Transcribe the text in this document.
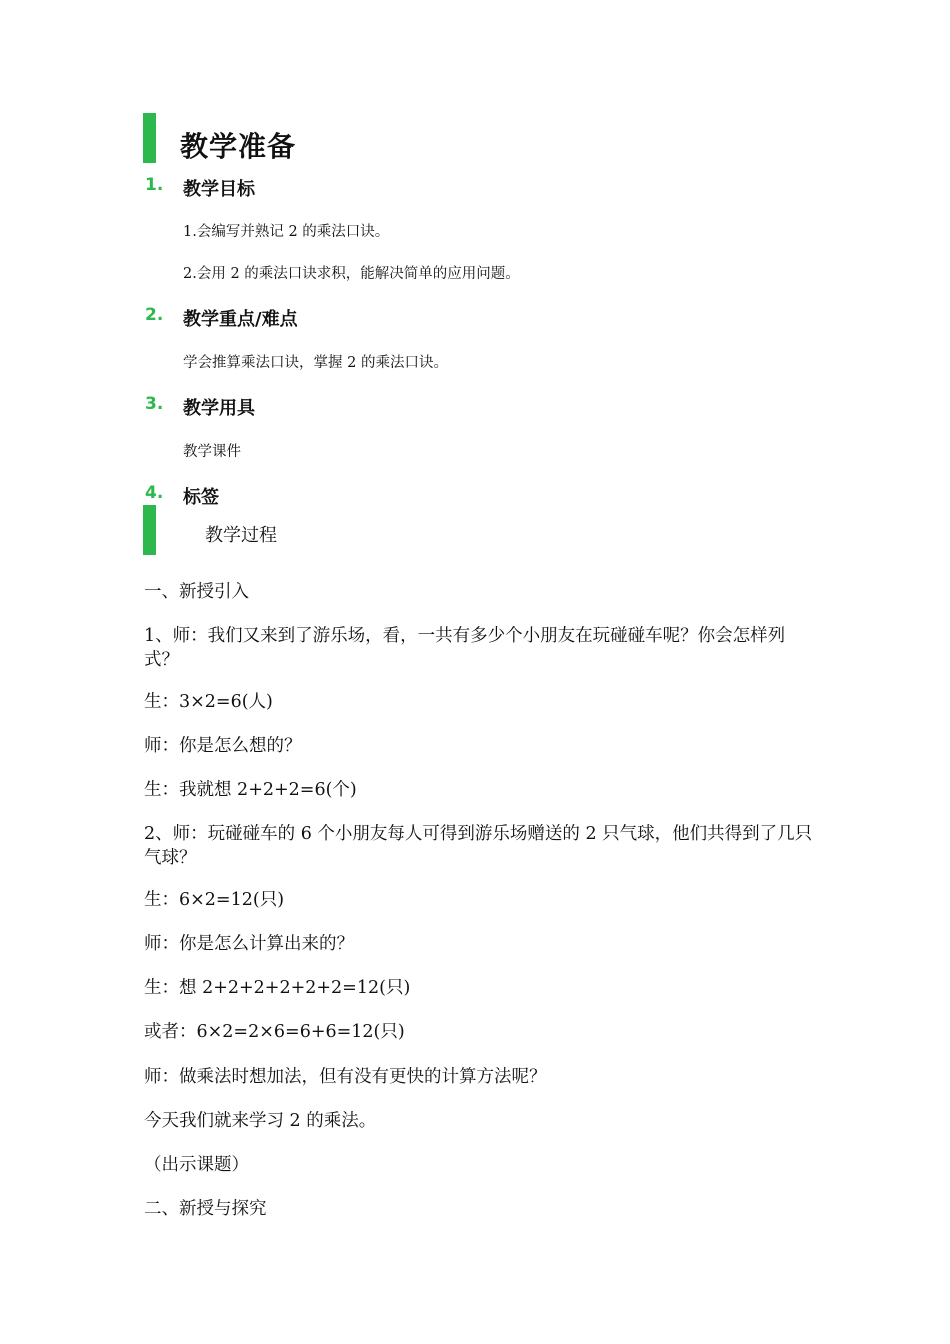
教学准备
1. 教学目标
1.会编写并熟记 2 的乘法口诀。
2.会用 2 的乘法口诀求积，能解决简单的应用问题。
2. 教学重点/难点
学会推算乘法口诀，掌握 2 的乘法口诀。
3. 教学用具
教学课件
4. 标签
教学过程
一、新授引入
1、师：我们又来到了游乐场，看，一共有多少个小朋友在玩碰碰车呢？你会怎样列式？
生：3×2=6(人)
师：你是怎么想的？
生：我就想 2+2+2=6(个)
2、师：玩碰碰车的 6 个小朋友每人可得到游乐场赠送的 2 只气球，他们共得到了几只气球？
生：6×2=12(只)
师：你是怎么计算出来的？
生：想 2+2+2+2+2+2=12(只)
或者：6×2=2×6=6+6=12(只)
师：做乘法时想加法，但有没有更快的计算方法呢？
今天我们就来学习 2 的乘法。
（出示课题）
二、新授与探究
